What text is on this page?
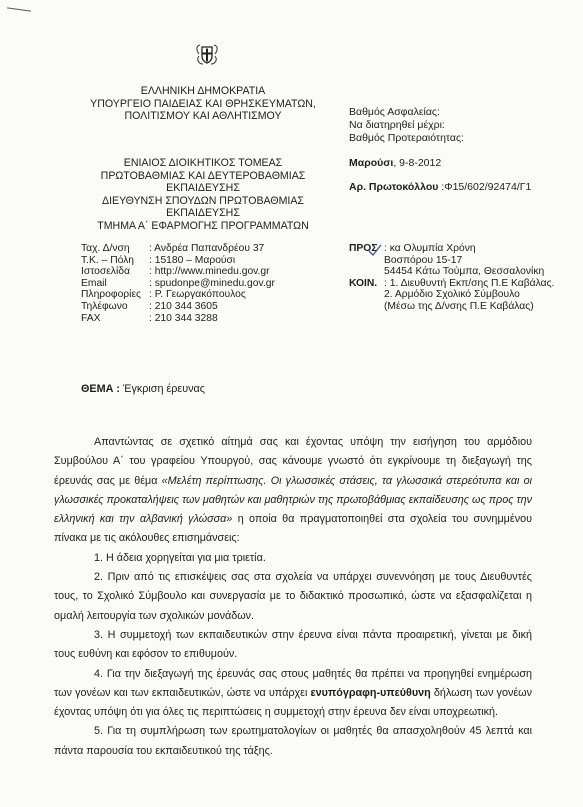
ΕΛΛΗΝΙΚΗ ΔΗΜΟΚΡΑΤΙΑ
ΥΠΟΥΡΓΕΙΟ ΠΑΙΔΕΙΑΣ ΚΑΙ ΘΡΗΣΚΕΥΜΑΤΩΝ,
ΠΟΛΙΤΙΣΜΟΥ ΚΑΙ ΑΘΛΗΤΙΣΜΟΥ
ΕΝΙΑΙΟΣ ΔΙΟΙΚΗΤΙΚΟΣ ΤΟΜΕΑΣ
ΠΡΩΤΟΒΑΘΜΙΑΣ ΚΑΙ ΔΕΥΤΕΡΟΒΑΘΜΙΑΣ
ΕΚΠΑΙΔΕΥΣΗΣ
ΔΙΕΥΘΥΝΣΗ ΣΠΟΥΔΩΝ ΠΡΩΤΟΒΑΘΜΙΑΣ
ΕΚΠΑΙΔΕΥΣΗΣ
ΤΜΗΜΑ Α΄ ΕΦΑΡΜΟΓΗΣ ΠΡΟΓΡΑΜΜΑΤΩΝ
Βαθμός Ασφαλείας:
Να διατηρηθεί μέχρι:
Βαθμός Προτεραιότητας:
Μαρούσι, 9-8-2012
Αρ. Πρωτοκόλλου :Φ15/602/92474/Γ1
Ταχ. Δ/νση	: Ανδρέα Παπανδρέου 37
Τ.Κ. – Πόλη	: 15180 – Μαρούσι
Ιστοσελίδα	: http://www.minedu.gov.gr
Email	: spudonpe@minedu.gov.gr
Πληροφορίες : Ρ. Γεωργακόπουλος
Τηλέφωνο	: 210 344 3605
FAX	: 210 344 3288
ΠΡΟΣ : κα Ολυμπία Χρόνη
Βοσπόρου 15-17
54454 Κάτω Τούμπα, Θεσσαλονίκη
ΚΟΙΝ. : 1. Διευθυντή Εκπ/σης Π.Ε Καβάλας.
2. Αρμόδιο Σχολικό Σύμβουλο
(Μέσω της Δ/νσης Π.Ε Καβάλας)
ΘΕΜΑ : Έγκριση έρευνας

Απαντώντας σε σχετικό αίτημά σας και έχοντας υπόψη την εισήγηση του αρμόδιου Συμβούλου Α΄ του γραφείου Υπουργού, σας κάνουμε γνωστό ότι εγκρίνουμε τη διεξαγωγή της έρευνάς σας με θέμα «Μελέτη περίπτωσης. Οι γλωσσικές στάσεις, τα γλωσσικά στερεότυπα και οι γλωσσικές προκαταλήψεις των μαθητών και μαθητριών της πρωτοβάθμιας εκπαίδευσης ως προς την ελληνική και την αλβανική γλώσσα» η οποία θα πραγματοποιηθεί στα σχολεία του συνημμένου πίνακα με τις ακόλουθες επισημάνσεις:

1. Η άδεια χορηγείται για μια τριετία.

2. Πριν από τις επισκέψεις σας στα σχολεία να υπάρχει συνεννόηση με τους Διευθυντές τους, το Σχολικό Σύμβουλο και συνεργασία με το διδακτικό προσωπικό, ώστε να εξασφαλίζεται η ομαλή λειτουργία των σχολικών μονάδων.

3. Η συμμετοχή των εκπαιδευτικών στην έρευνα είναι πάντα προαιρετική, γίνεται με δική τους ευθύνη και εφόσον το επιθυμούν.

4. Για την διεξαγωγή της έρευνάς σας στους μαθητές θα πρέπει να προηγηθεί ενημέρωση των γονέων και των εκπαιδευτικών, ώστε να υπάρχει ενυπόγραφη-υπεύθυνη δήλωση των γονέων έχοντας υπόψη ότι για όλες τις περιπτώσεις η συμμετοχή στην έρευνα δεν είναι υποχρεωτική.

5. Για τη συμπλήρωση των ερωτηματολογίων οι μαθητές θα απασχοληθούν 45 λεπτά και πάντα παρουσία του εκπαιδευτικού της τάξης.
